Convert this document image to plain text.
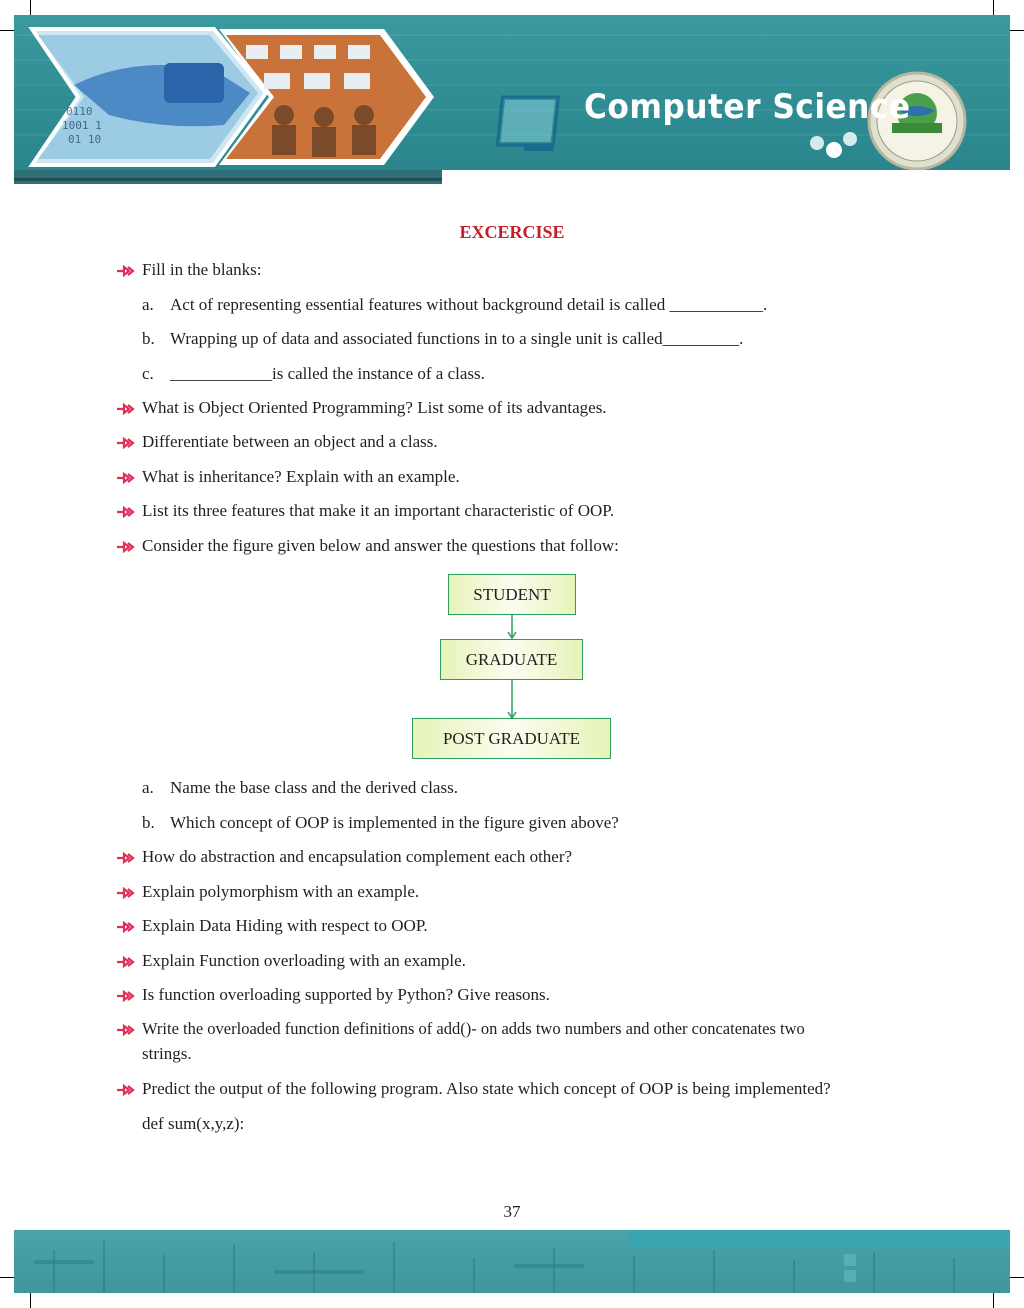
0110
1001 1
01 10
Computer Science
EXCERCISE
Fill in the blanks:
a. Act of representing essential features without background detail is called ___________.
b. Wrapping up of data and associated functions in to a single unit is called_________.
c. ____________is called the instance of a class.
What is Object Oriented Programming? List some of its advantages.
Differentiate between an object and a class.
What is inheritance? Explain with an example.
List its three features that make it an important characteristic of OOP.
Consider the figure given below and answer the questions that follow:
STUDENT
GRADUATE
POST GRADUATE
a. Name the base class and the derived class.
b. Which concept of OOP is implemented in the figure given above?
How do abstraction and encapsulation complement each other?
Explain polymorphism with an example.
Explain Data Hiding with respect to OOP.
Explain Function overloading with an example.
Is function overloading supported by Python? Give reasons.
Write the overloaded function definitions of add()- on adds two numbers and other concatenates two
strings.
Predict the output of the following program. Also state which concept of OOP is being implemented?
def sum(x,y,z):
37
